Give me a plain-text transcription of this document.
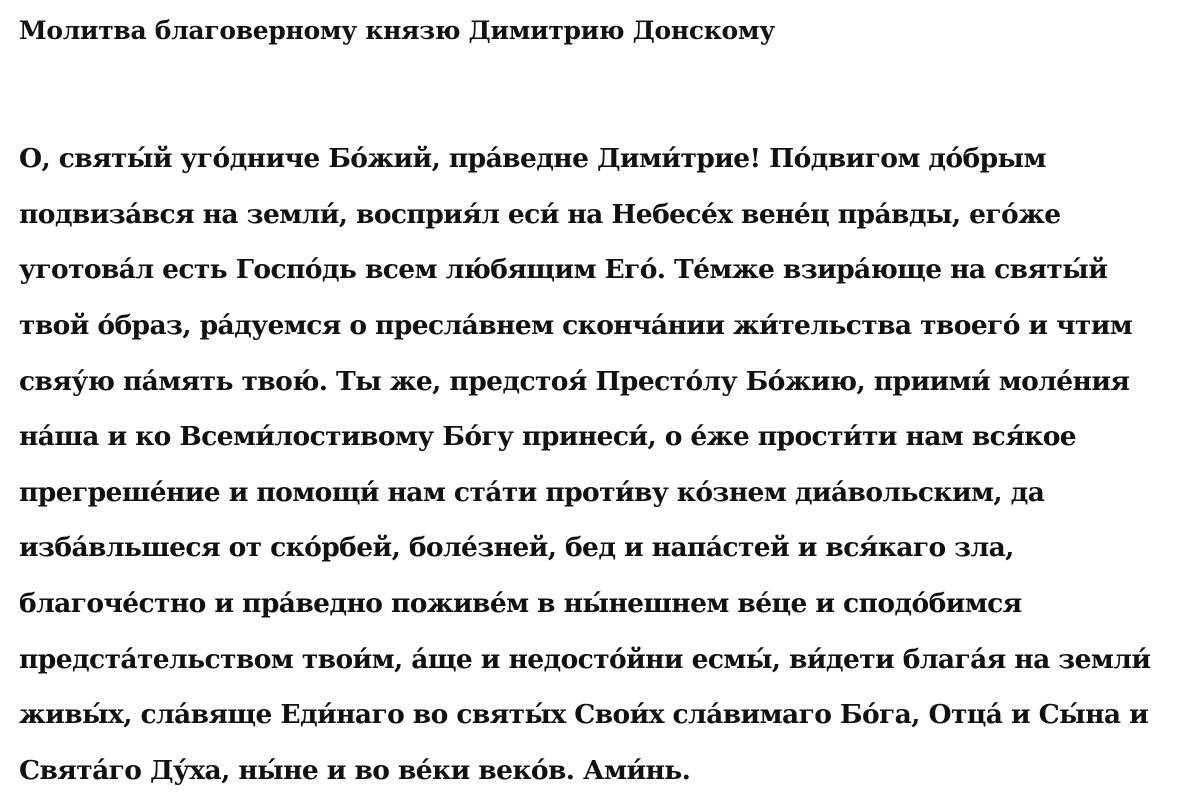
Молитва благоверному князю Димитрию Донскому
О, святы́й уго́дниче Бо́жий, пра́ведне Дими́трие! По́двигом до́брым
подвиза́вся на земли́, восприя́л еси́ на Небесе́х вене́ц пра́вды, его́же
уготова́л есть Госпо́дь всем лю́бящим Его́. Те́мже взира́юще на святы́й
твой о́браз, ра́дуемся о пресла́внем сконча́нии жи́тельства твоего́ и чтим
свяу́ю па́мять твою́. Ты же, предстоя́ Престо́лу Бо́жию, приими́ моле́ния
на́ша и ко Всеми́лостивому Бо́гу принеси́, о е́же прости́ти нам вся́кое
прегреше́ние и помощи́ нам ста́ти проти́ву ко́знем диа́вольским, да
изба́вльшеся от ско́рбей, боле́зней, бед и напа́стей и вся́каго зла,
благоче́стно и пра́ведно поживе́м в ны́нешнем ве́це и сподо́бимся
предста́тельством твои́м, а́ще и недосто́йни есмы́, ви́дети блага́я на земли́
живы́х, сла́вяще Еди́наго во святы́х Свои́х сла́вимаго Бо́га, Отца́ и Сы́на и
Свята́го Ду́ха, ны́не и во ве́ки веко́в. Ами́нь.
